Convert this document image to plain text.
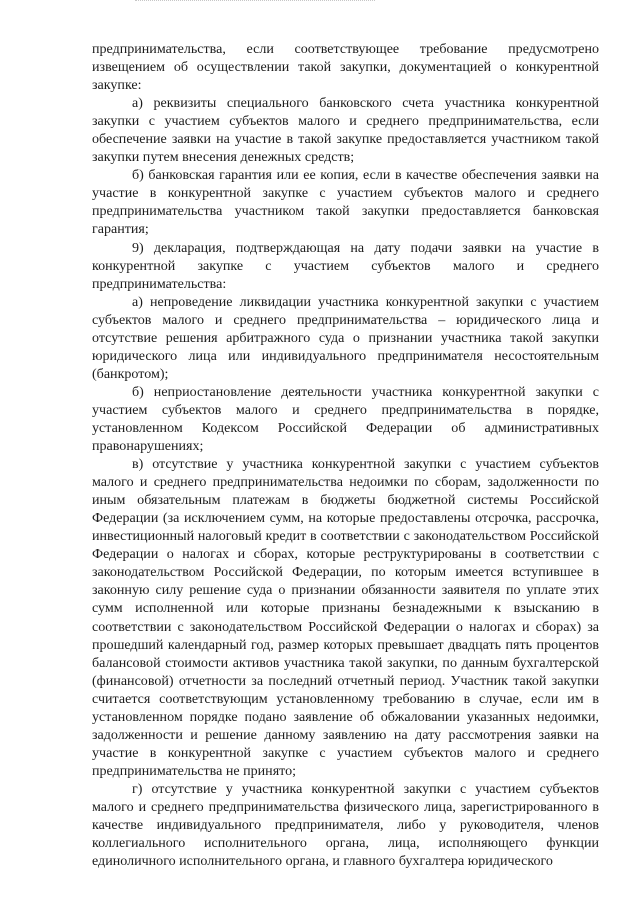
предпринимательства, если соответствующее требование предусмотрено извещением об осуществлении такой закупки, документацией о конкурентной закупке:

а) реквизиты специального банковского счета участника конкурентной закупки с участием субъектов малого и среднего предпринимательства, если обеспечение заявки на участие в такой закупке предоставляется участником такой закупки путем внесения денежных средств;

б) банковская гарантия или ее копия, если в качестве обеспечения заявки на участие в конкурентной закупке с участием субъектов малого и среднего предпринимательства участником такой закупки предоставляется банковская гарантия;

9) декларация, подтверждающая на дату подачи заявки на участие в конкурентной закупке с участием субъектов малого и среднего предпринимательства:

а) непроведение ликвидации участника конкурентной закупки с участием субъектов малого и среднего предпринимательства – юридического лица и отсутствие решения арбитражного суда о признании участника такой закупки юридического лица или индивидуального предпринимателя несостоятельным (банкротом);

б) неприостановление деятельности участника конкурентной закупки с участием субъектов малого и среднего предпринимательства в порядке, установленном Кодексом Российской Федерации об административных правонарушениях;

в) отсутствие у участника конкурентной закупки с участием субъектов малого и среднего предпринимательства недоимки по сборам, задолженности по иным обязательным платежам в бюджеты бюджетной системы Российской Федерации (за исключением сумм, на которые предоставлены отсрочка, рассрочка, инвестиционный налоговый кредит в соответствии с законодательством Российской Федерации о налогах и сборах, которые реструктурированы в соответствии с законодательством Российской Федерации, по которым имеется вступившее в законную силу решение суда о признании обязанности заявителя по уплате этих сумм исполненной или которые признаны безнадежными к взысканию в соответствии с законодательством Российской Федерации о налогах и сборах) за прошедший календарный год, размер которых превышает двадцать пять процентов балансовой стоимости активов участника такой закупки, по данным бухгалтерской (финансовой) отчетности за последний отчетный период. Участник такой закупки считается соответствующим установленному требованию в случае, если им в установленном порядке подано заявление об обжаловании указанных недоимки, задолженности и решение данному заявлению на дату рассмотрения заявки на участие в конкурентной закупке с участием субъектов малого и среднего предпринимательства не принято;

г) отсутствие у участника конкурентной закупки с участием субъектов малого и среднего предпринимательства физического лица, зарегистрированного в качестве индивидуального предпринимателя, либо у руководителя, членов коллегиального исполнительного органа, лица, исполняющего функции единоличного исполнительного органа, и главного бухгалтера юридического
